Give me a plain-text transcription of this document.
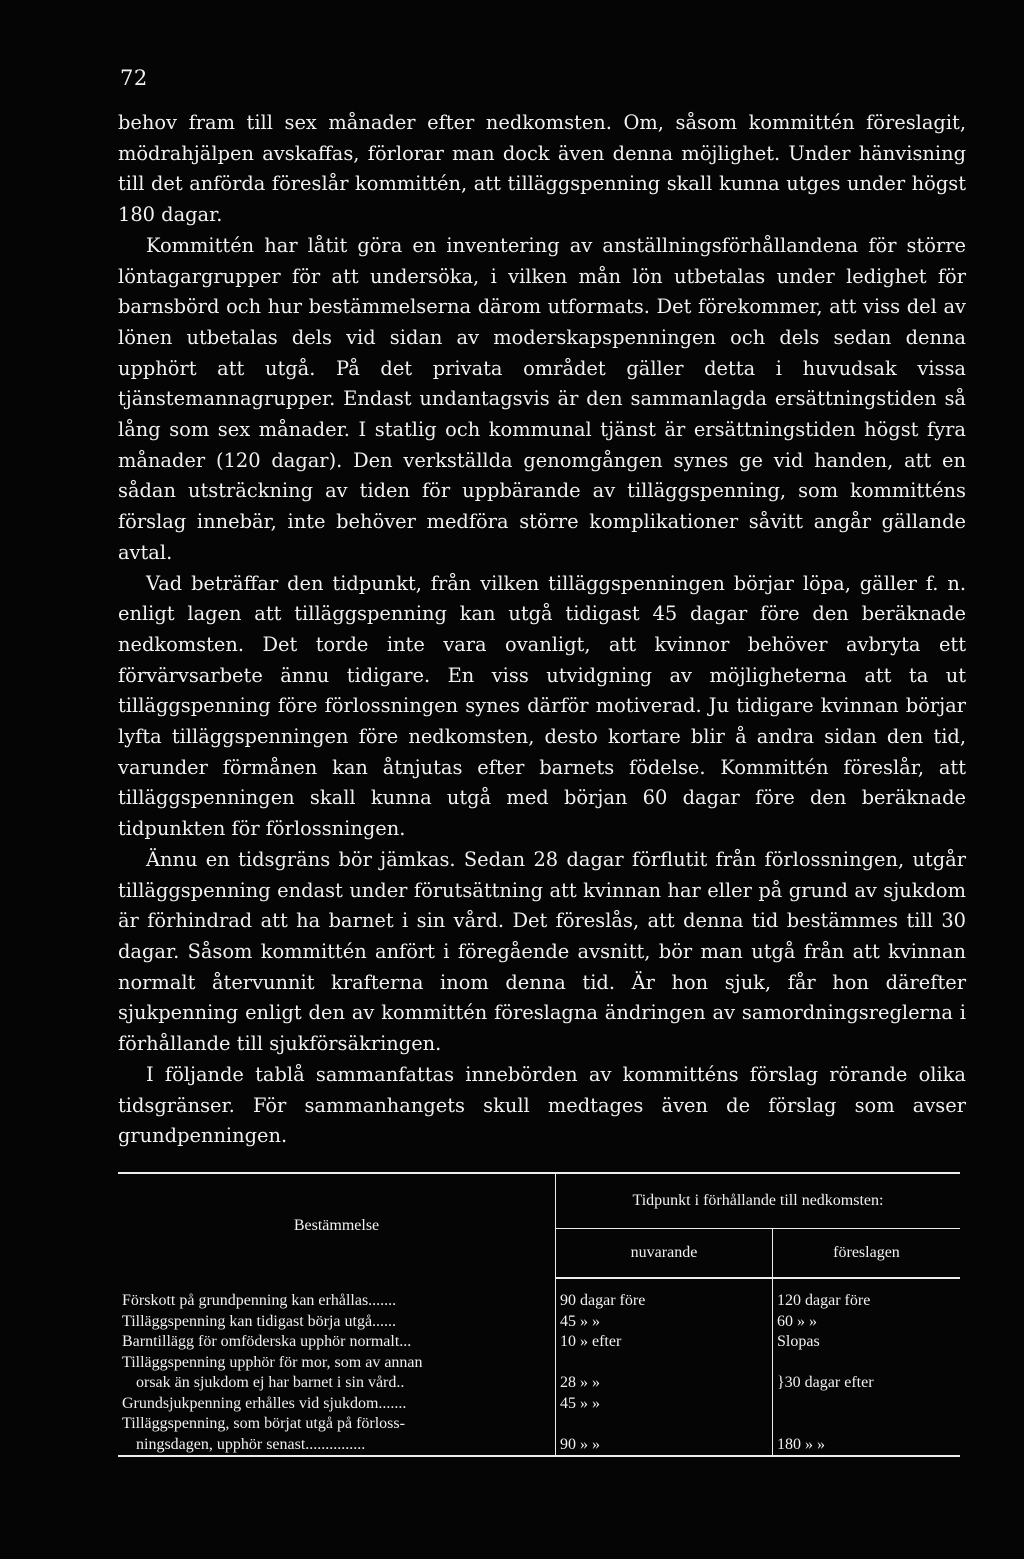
72

behov fram till sex månader efter nedkomsten. Om, såsom kommittén föreslagit, mödrahjälpen avskaffas, förlorar man dock även denna möjlighet. Under hänvisning till det anförda föreslår kommittén, att tilläggspenning skall kunna utges under högst 180 dagar.

Kommittén har låtit göra en inventering av anställningsförhållandena för större löntagargrupper för att undersöka, i vilken mån lön utbetalas under ledighet för barnsbörd och hur bestämmelserna därom utformats. Det förekommer, att viss del av lönen utbetalas dels vid sidan av moderskapspenningen och dels sedan denna upphört att utgå. På det privata området gäller detta i huvudsak vissa tjänstemannagrupper. Endast undantagsvis är den sammanlagda ersättningstiden så lång som sex månader. I statlig och kommunal tjänst är ersättningstiden högst fyra månader (120 dagar). Den verkställda genomgången synes ge vid handen, att en sådan utsträckning av tiden för uppbärande av tilläggspenning, som kommitténs förslag innebär, inte behöver medföra större komplikationer såvitt angår gällande avtal.

Vad beträffar den tidpunkt, från vilken tilläggspenningen börjar löpa, gäller f. n. enligt lagen att tilläggspenning kan utgå tidigast 45 dagar före den beräknade nedkomsten. Det torde inte vara ovanligt, att kvinnor behöver avbryta ett förvärvsarbete ännu tidigare. En viss utvidgning av möjligheterna att ta ut tilläggspenning före förlossningen synes därför motiverad. Ju tidigare kvinnan börjar lyfta tilläggspenningen före nedkomsten, desto kortare blir å andra sidan den tid, varunder förmånen kan åtnjutas efter barnets födelse. Kommittén föreslår, att tilläggspenningen skall kunna utgå med början 60 dagar före den beräknade tidpunkten för förlossningen.

Ännu en tidsgräns bör jämkas. Sedan 28 dagar förflutit från förlossningen, utgår tilläggspenning endast under förutsättning att kvinnan har eller på grund av sjukdom är förhindrad att ha barnet i sin vård. Det föreslås, att denna tid bestämmes till 30 dagar. Såsom kommittén anfört i föregående avsnitt, bör man utgå från att kvinnan normalt återvunnit krafterna inom denna tid. Är hon sjuk, får hon därefter sjukpenning enligt den av kommittén föreslagna ändringen av samordningsreglerna i förhållande till sjukförsäkringen.

I följande tablå sammanfattas innebörden av kommitténs förslag rörande olika tidsgränser. För sammanhangets skull medtages även de förslag som avser grundpenningen.

Bestämmelse	Tidpunkt i förhållande till nedkomsten:	
	nuvarande	föreslagen

Förskott på grundpenning kan erhållas.......	90 dagar före	120 dagar före
Tilläggspenning kan tidigast börja utgå......	45 » »	60 » »
Barntillägg för omföderska upphör normalt...	10 » efter	Slopas

Tilläggspenning upphör för mor, som av annan
orsak än sjukdom ej har barnet i sin vård..	28 » »	}30 dagar efter
Grundsjukpenning erhålles vid sjukdom.......	45 » »	

Tilläggspenning, som börjat utgå på förloss-
ningsdagen, upphör senast...............	90 » »	180 » »
